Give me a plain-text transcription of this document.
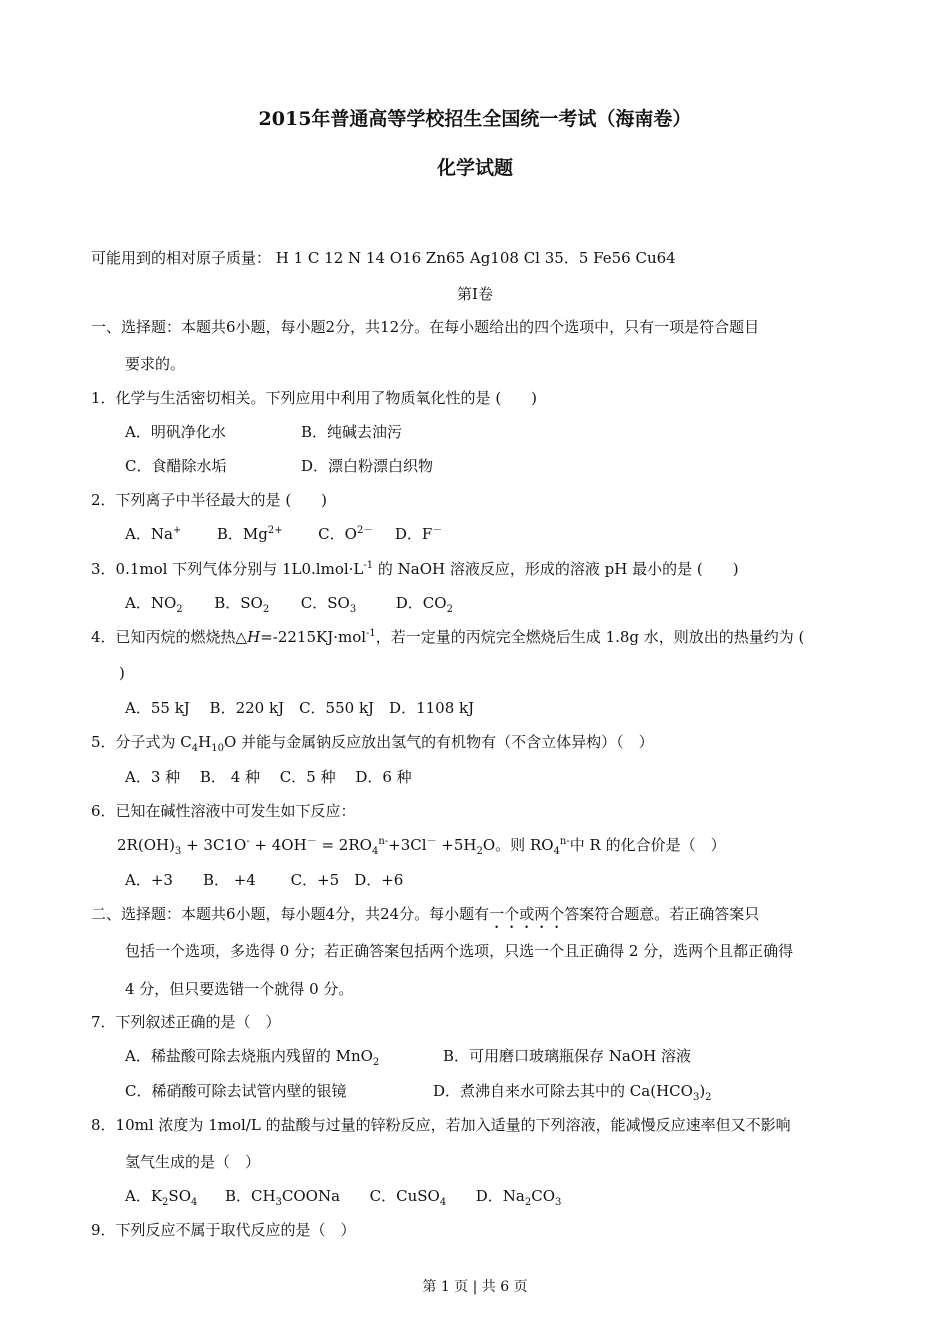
2015年普通高等学校招生全国统一考试（海南卷）
化学试题
可能用到的相对原子质量： H 1 C 12 N 14 O16 Zn65 Ag108 Cl 35．5 Fe56 Cu64
第Ⅰ卷
一、选择题：本题共6小题，每小题2分，共12分。在每小题给出的四个选项中，只有一项是符合题目
要求的。
1．化学与生活密切相关。下列应用中利用了物质氧化性的是 (　　)
A．明矾净化水	B．纯碱去油污
C．食醋除水垢	D．漂白粉漂白织物
2．下列离子中半径最大的是 (　　)
A．Na+ B．$Mg^{2+}$ C．$O^{2-}$ D．F－
3．0.1mol 下列气体分别与 $1L0.lmol\cdot L^{-1}$ 的 NaOH 溶液反应，形成的溶液 pH 最小的是 (　　)
A．$NO_2$ B．$SO_2$ C．$SO_3$	D．$CO_2$
4．已知丙烷的燃烧热△H=-2215KJ·mol$^{-1}$，若一定量的丙烷完全燃烧后生成 1.8g 水，则放出的热量约为 (
)
A．55 kJ　 B．220 kJ　C．550 kJ　D．1108 kJ
5．分子式为 $C_4H_{10}O$ 并能与金属钠反应放出氢气的有机物有（不含立体异构）（　）
A．3 种　 B． 4 种　 C．5 种　 D．6 种
6．已知在碱性溶液中可发生如下反应：
$2R(OH)_3 + 3C1O^- + 4OH^- = 2RO_4^{n-}+3Cl^- +5H_2O$。则 $RO_4^{n-}$中 R 的化合价是（　）
A．+3　　B． +4　　 C．+5　D．+6
二、选择题：本题共6小题，每小题4分，共24分。每小题有一个或两个答案符合题意。若正确答案只
包括一个选项，多选得 0 分；若正确答案包括两个选项，只选一个且正确得 2 分，选两个且都正确得
4 分，但只要选错一个就得 0 分。
7．下列叙述正确的是（　）
A．稀盐酸可除去烧瓶内残留的 MnO$_2$	B．可用磨口玻璃瓶保存 NaOH 溶液
C．稀硝酸可除去试管内壁的银镜	D．煮沸自来水可除去其中的 $Ca(HCO_3)_2$
8．10ml 浓度为 1mol/L 的盐酸与过量的锌粉反应，若加入适量的下列溶液，能减慢反应速率但又不影响
氢气生成的是（　）
A．$K_2SO_4$ B．$CH_3COONa$ C．CuSO$_4$ D．$Na_2CO_3$
9．下列反应不属于取代反应的是（　）
第 1 页 | 共 6 页
